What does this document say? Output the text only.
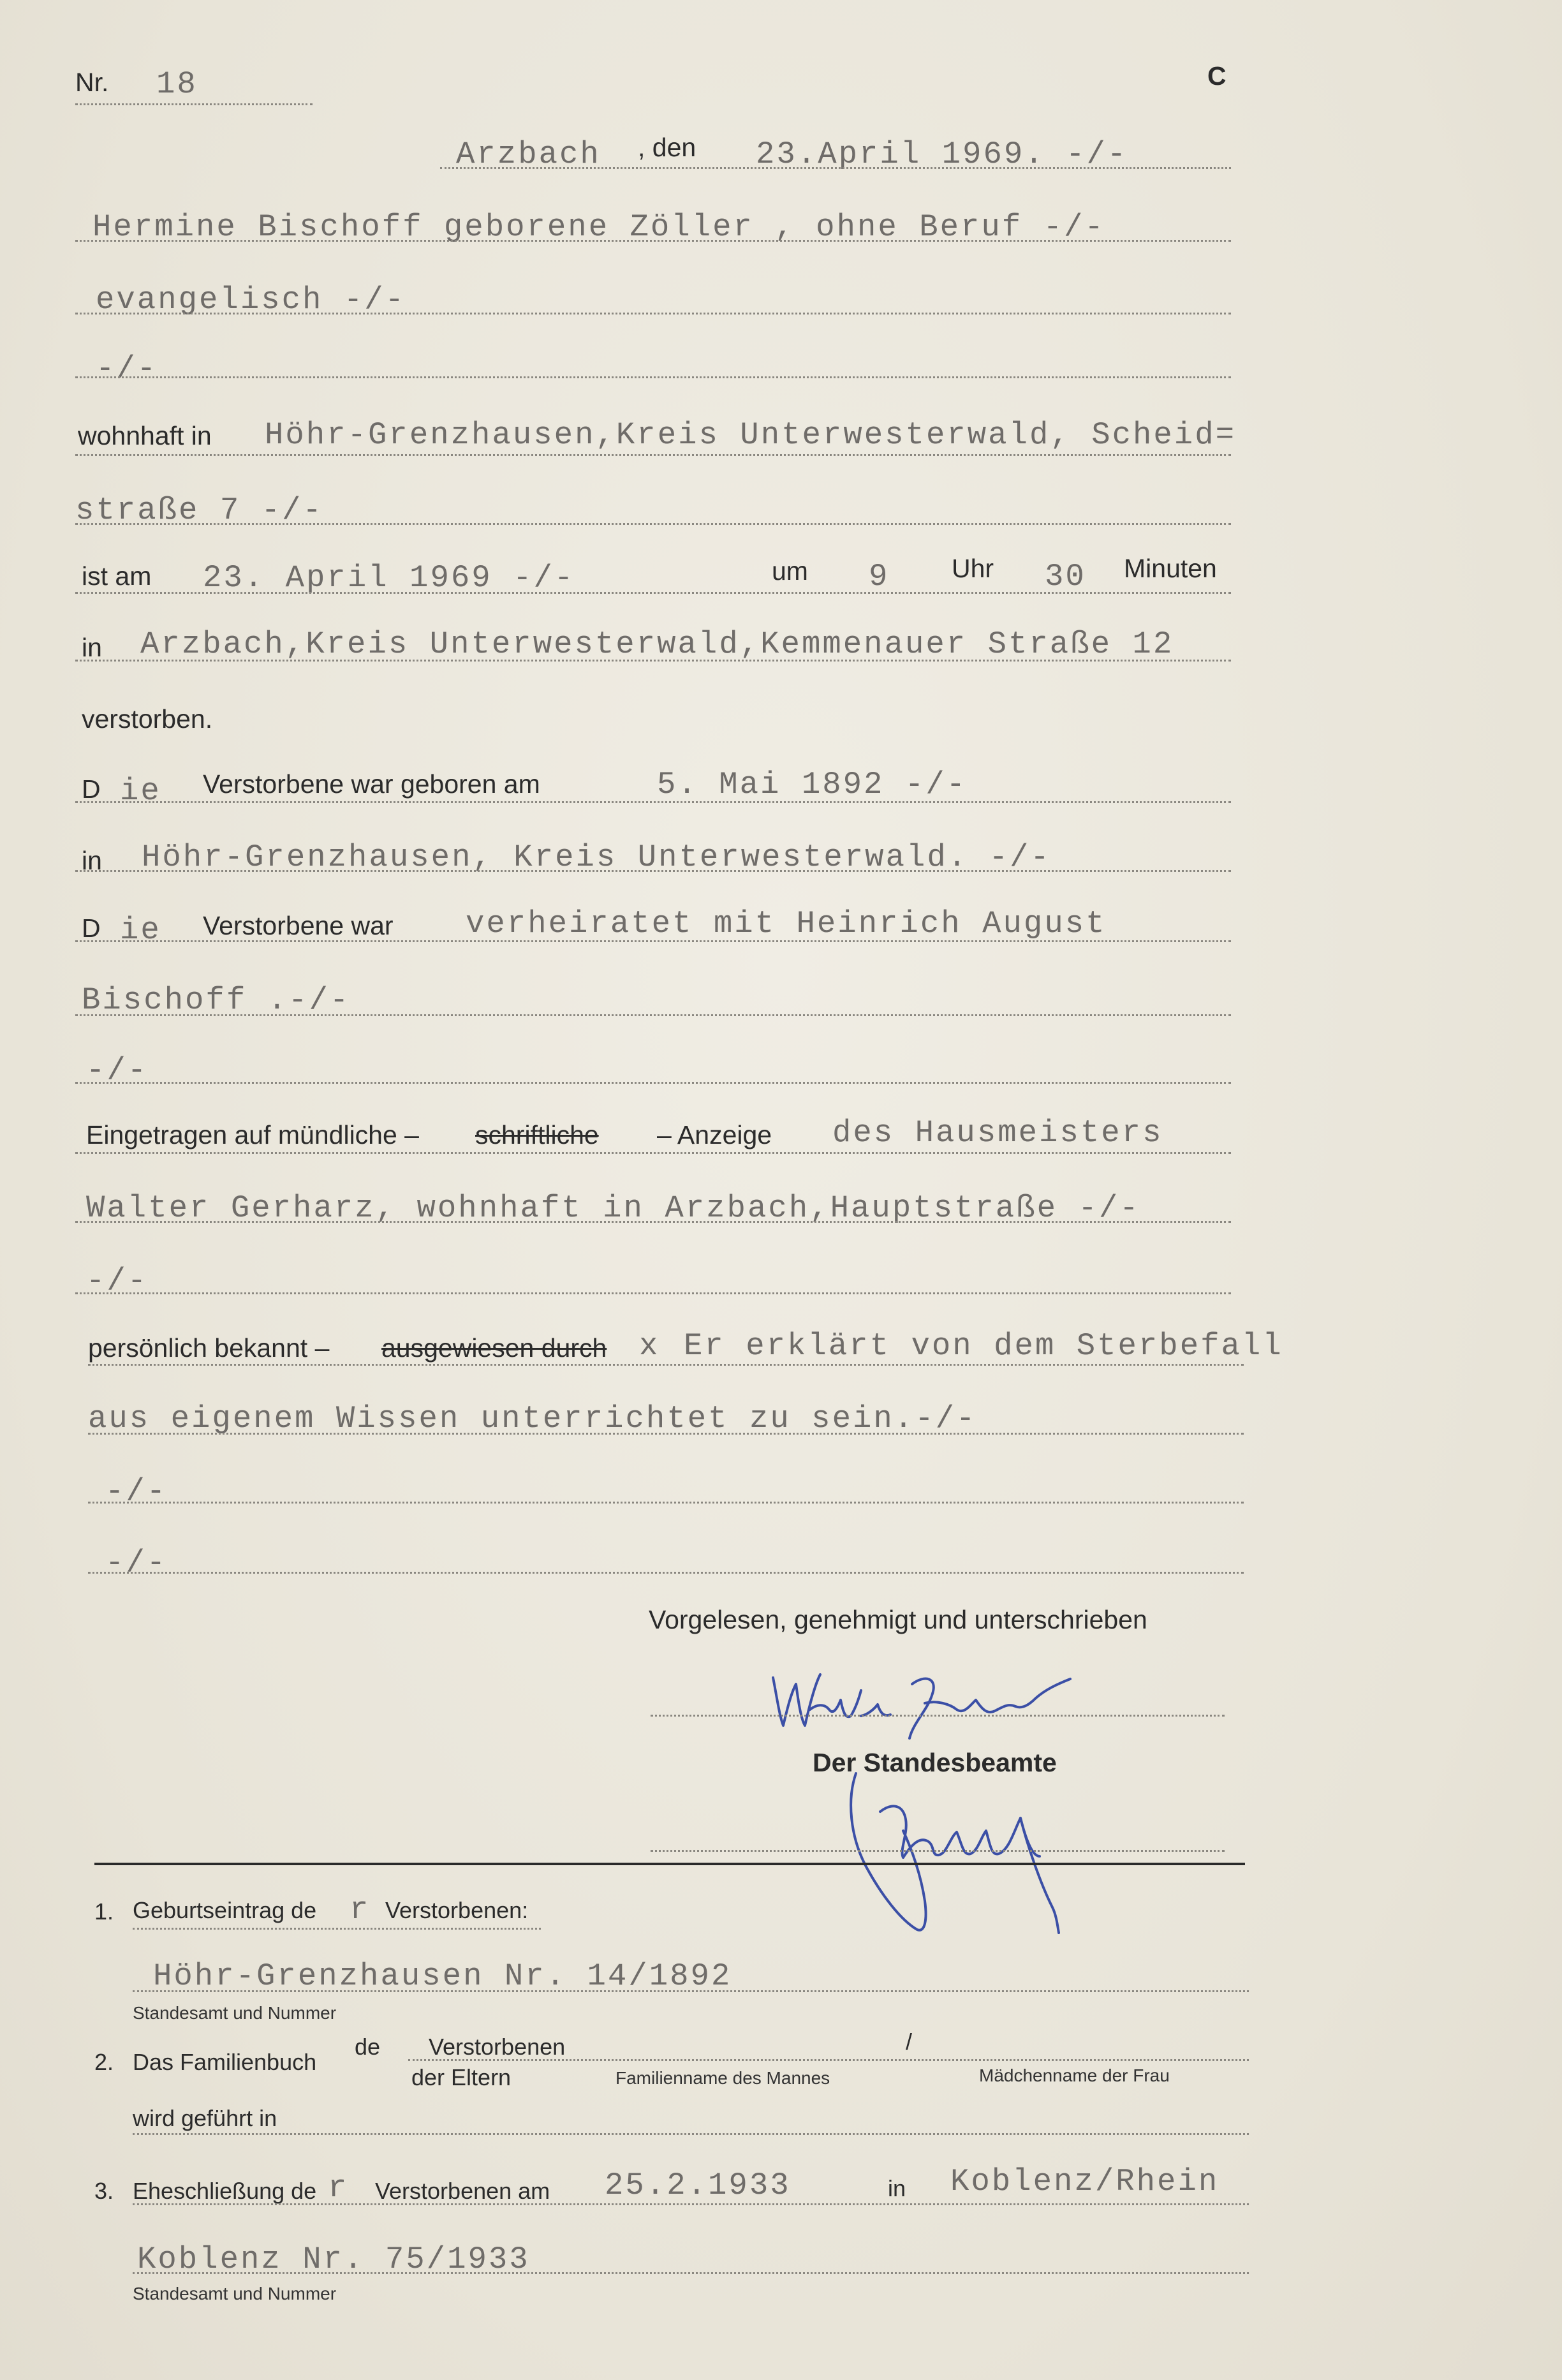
Nr. 18	C
Arzbach , den 23.April 1969. -/-
Hermine Bischoff geborene Zöller , ohne Beruf -/-
evangelisch -/-
-/-
wohnhaft in Höhr-Grenzhausen,Kreis Unterwesterwald, Scheid=
straße 7 -/-
ist am 23. April 1969 -/-	um 9 Uhr 30 Minuten
in Arzbach,Kreis Unterwesterwald,Kemmenauer Straße 12
verstorben.
D ie Verstorbene war geboren am	5. Mai 1892 -/-
in Höhr-Grenzhausen, Kreis Unterwesterwald. -/-
D ie Verstorbene war verheiratet mit Heinrich August
Bischoff .-/-
-/-
Eingetragen auf mündliche – schriftliche – Anzeige des Hausmeisters
Walter Gerharz, wohnhaft in Arzbach,Hauptstraße -/-
-/-
persönlich bekannt – ausgewiesen durch x Er erklärt von dem Sterbefall
aus eigenem Wissen unterrichtet zu sein.-/-
-/-
-/-
Vorgelesen, genehmigt und unterschrieben
Der Standesbeamte
1. Geburtseintrag de r Verstorbenen:
Höhr-Grenzhausen Nr. 14/1892
Standesamt und Nummer
2. Das Familienbuch
de Verstorbenen	/
der Eltern	Familienname des Mannes	Mädchenname der Frau
wird geführt in
3. Eheschließung de r Verstorbenen am 25.2.1933	in Koblenz/Rhein
Koblenz Nr. 75/1933
Standesamt und Nummer
